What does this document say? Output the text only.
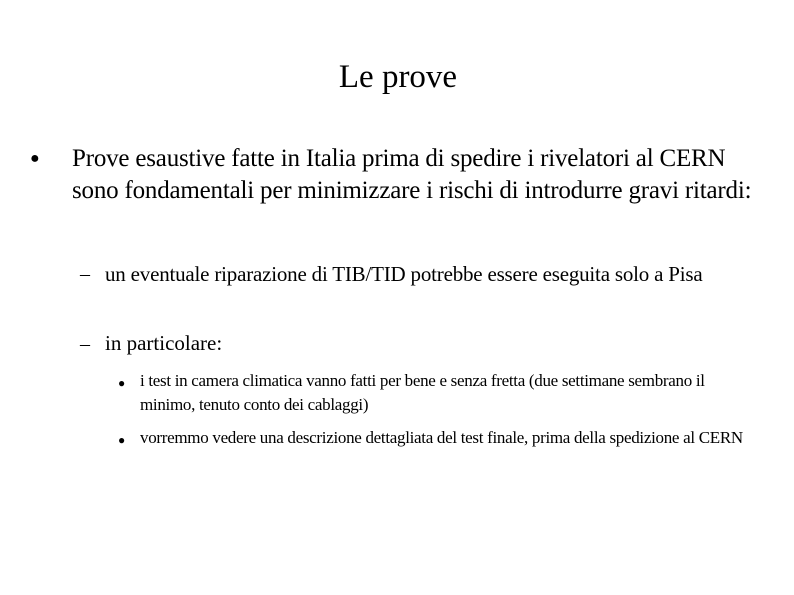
Le prove
● Prove esaustive fatte in Italia prima di spedire i rivelatori al CERN sono fondamentali per minimizzare i rischi di introdurre gravi ritardi:
– un eventuale riparazione di TIB/TID potrebbe essere eseguita solo a Pisa
– in particolare:
● i test in camera climatica vanno fatti per bene e senza fretta (due settimane sembrano il minimo, tenuto conto dei cablaggi)
● vorremmo vedere una descrizione dettagliata del test finale, prima della spedizione al CERN
